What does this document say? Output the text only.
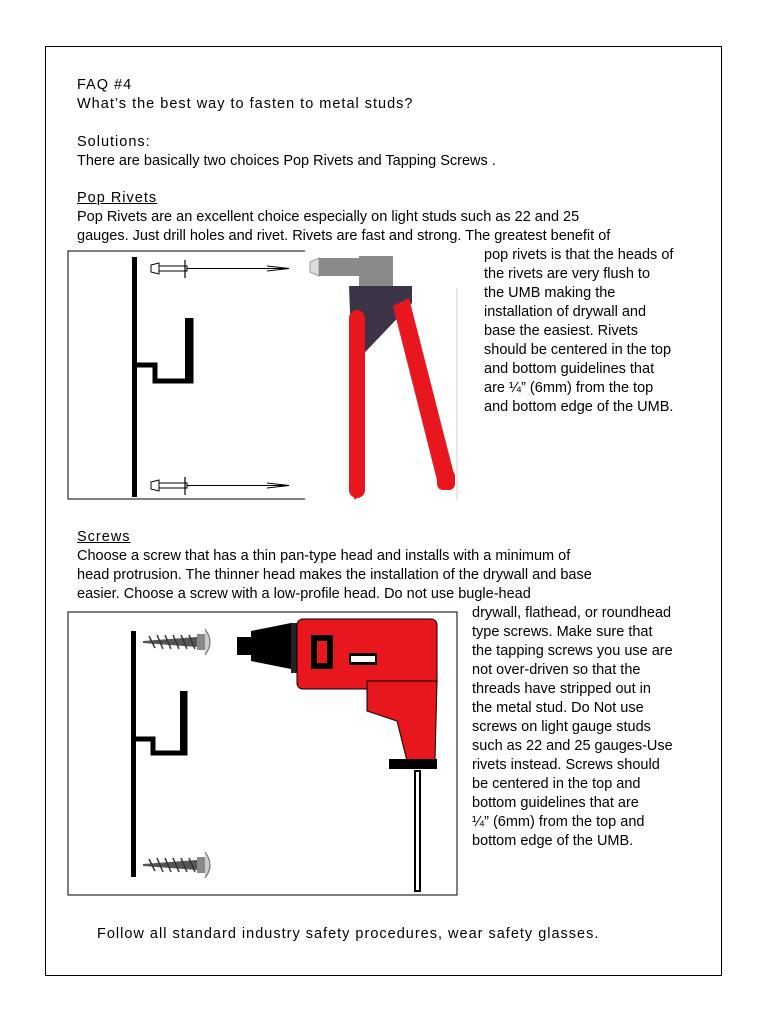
FAQ #4

What’s the best way to fasten to metal studs?

Solutions:

There are basically two choices Pop Rivets and Tapping Screws .

Pop Rivets

Pop Rivets are an excellent choice especially on light studs such as 22 and 25

gauges. Just drill holes and rivet. Rivets are fast and strong. The greatest benefit of

pop rivets is that the heads of
the rivets are very flush to
the UMB making the
installation of drywall and
base the easiest. Rivets
should be centered in the top
and bottom guidelines that
are ¼” (6mm) from the top
and bottom edge of the UMB.

Screws

Choose a screw that has a thin pan-type head and installs with a minimum of

head protrusion. The thinner head makes the installation of the drywall and base

easier. Choose a screw with a low-profile head. Do not use bugle-head

drywall, flathead, or roundhead
type screws. Make sure that
the tapping screws you use are
not over-driven so that the
threads have stripped out in
the metal stud. Do Not use
screws on light gauge studs
such as 22 and 25 gauges-Use
rivets instead. Screws should
be centered in the top and
bottom guidelines that are
¼” (6mm) from the top and
bottom edge of the UMB.

Follow all standard industry safety procedures, wear safety glasses.
